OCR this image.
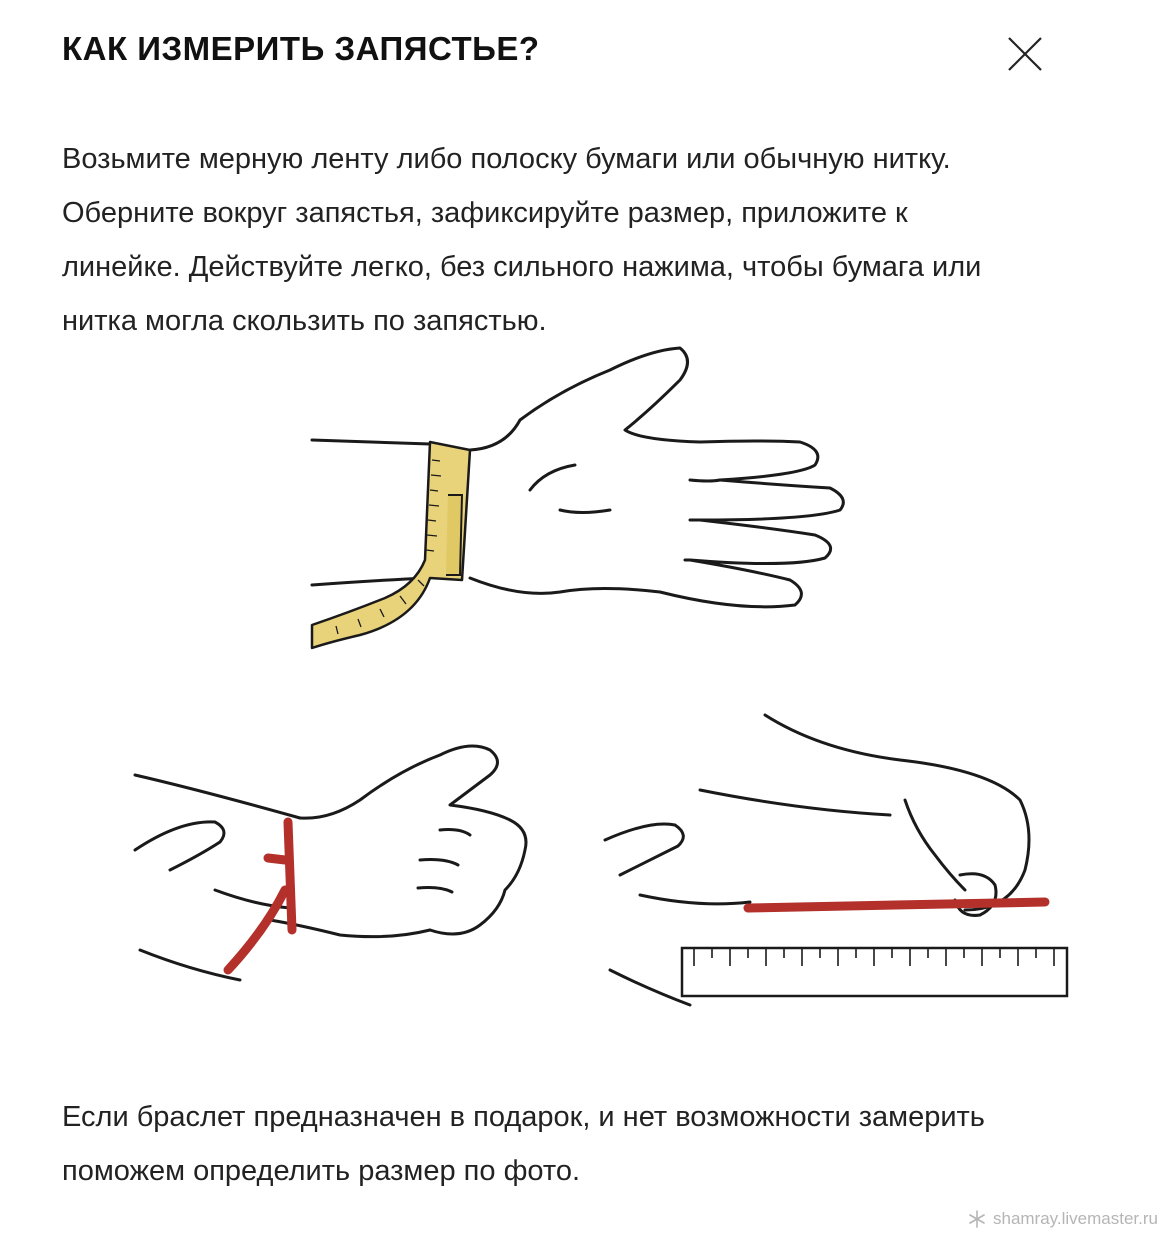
КАК ИЗМЕРИТЬ ЗАПЯСТЬЕ?

Возьмите мерную ленту либо полоску бумаги или обычную нитку.
Оберните вокруг запястья, зафиксируйте размер, приложите к
линейке. Действуйте легко, без сильного нажима, чтобы бумага или
нитка могла скользить по запястью.

Если браслет предназначен в подарок, и нет возможности замерить
поможем определить размер по фото.

shamray.livemaster.ru
